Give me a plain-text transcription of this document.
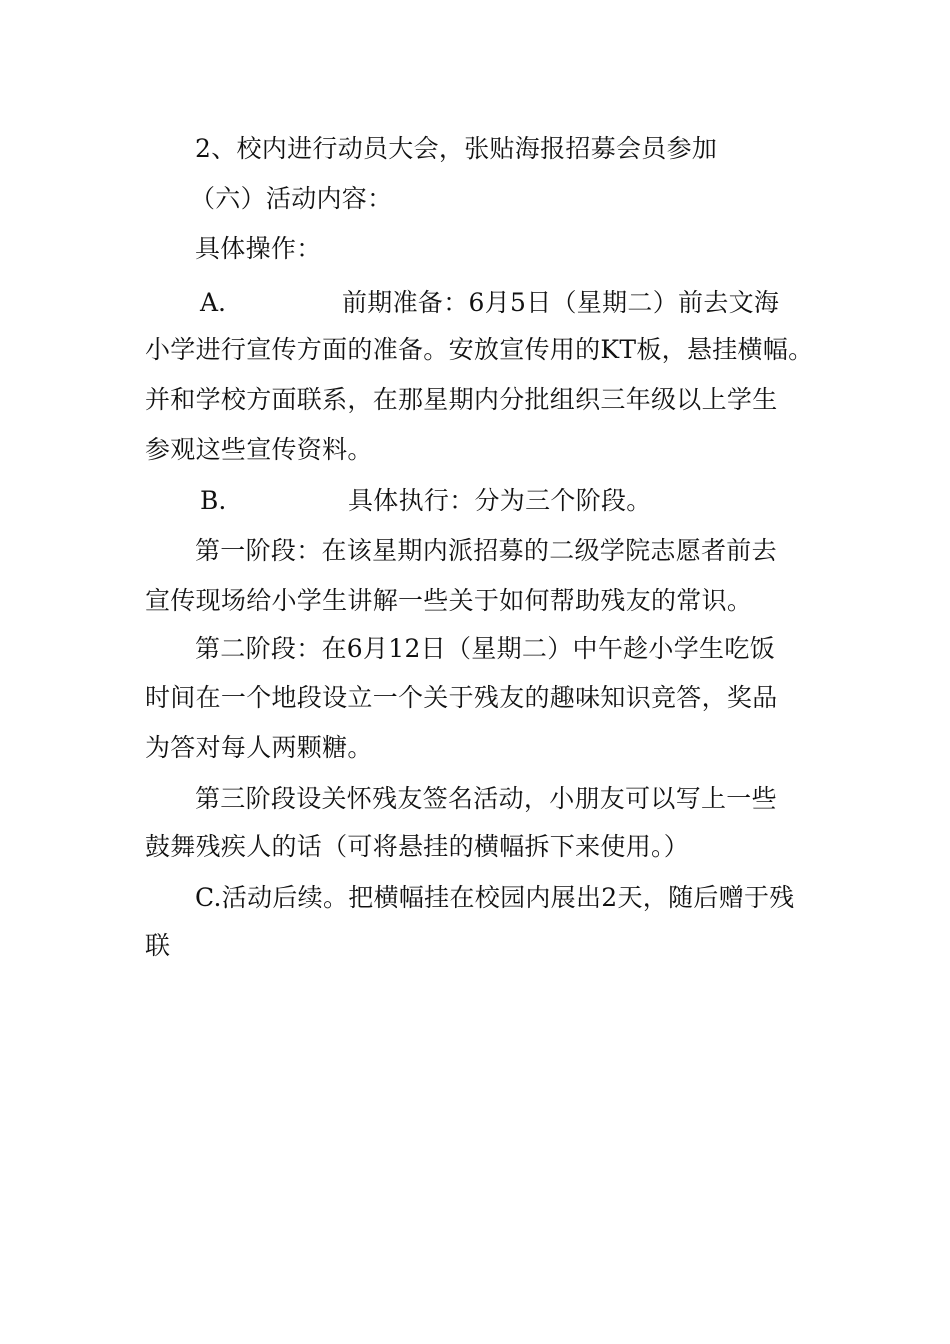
2、校内进行动员大会，张贴海报招募会员参加
（六）活动内容：
具体操作：
A.	前期准备：6月5日（星期二）前去文海
小学进行宣传方面的准备。安放宣传用的KT板，悬挂横幅。
并和学校方面联系，在那星期内分批组织三年级以上学生
参观这些宣传资料。
B.	具体执行：分为三个阶段。
第一阶段：在该星期内派招募的二级学院志愿者前去
宣传现场给小学生讲解一些关于如何帮助残友的常识。
第二阶段：在6月12日（星期二）中午趁小学生吃饭
时间在一个地段设立一个关于残友的趣味知识竞答，奖品
为答对每人两颗糖。
第三阶段设关怀残友签名活动，小朋友可以写上一些
鼓舞残疾人的话（可将悬挂的横幅拆下来使用。）
C.活动后续。把横幅挂在校园内展出2天，随后赠于残
联
